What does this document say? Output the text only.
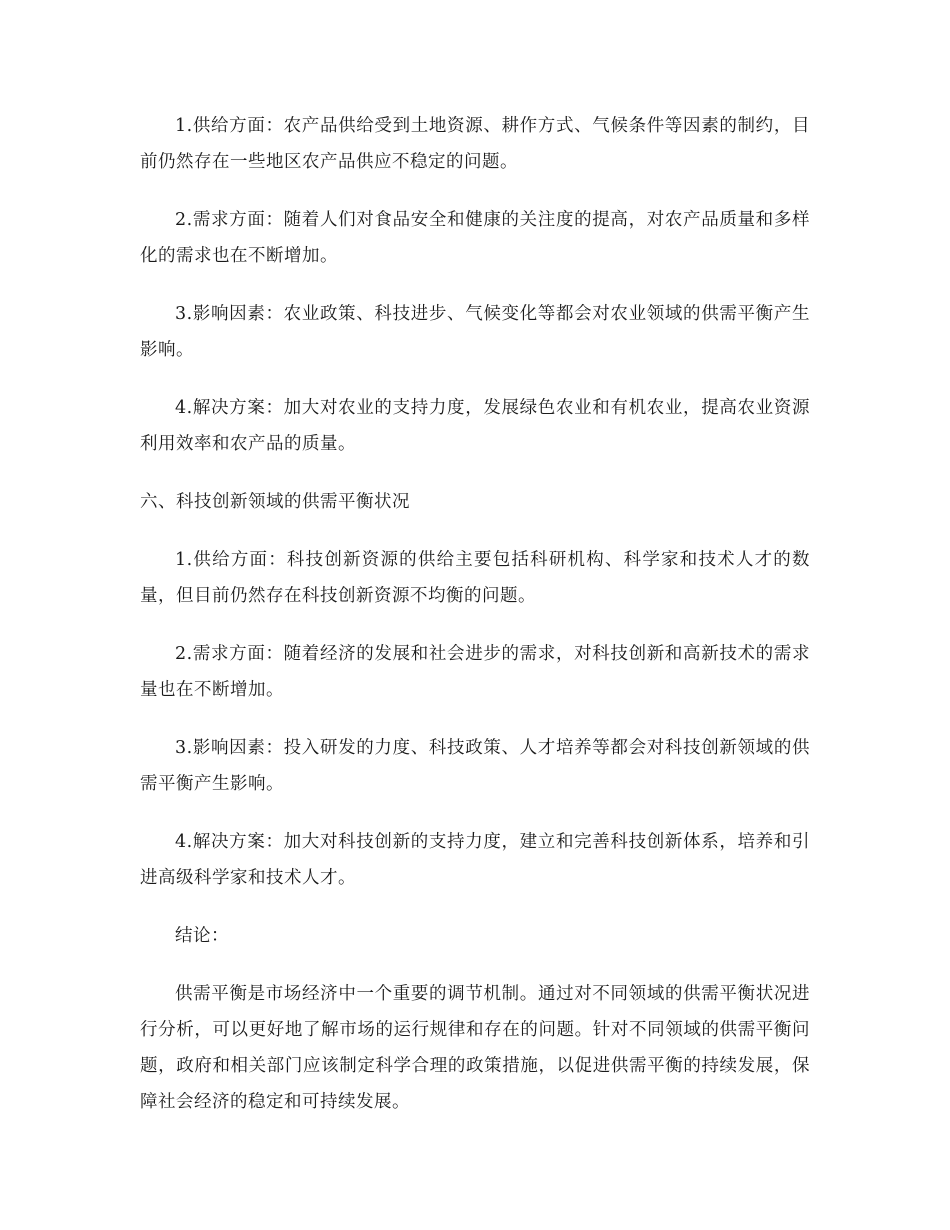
1.供给方面：农产品供给受到土地资源、耕作方式、气候条件等因素的制约，目前仍然存在一些地区农产品供应不稳定的问题。

2.需求方面：随着人们对食品安全和健康的关注度的提高，对农产品质量和多样化的需求也在不断增加。

3.影响因素：农业政策、科技进步、气候变化等都会对农业领域的供需平衡产生影响。

4.解决方案：加大对农业的支持力度，发展绿色农业和有机农业，提高农业资源利用效率和农产品的质量。

六、科技创新领域的供需平衡状况

1.供给方面：科技创新资源的供给主要包括科研机构、科学家和技术人才的数量，但目前仍然存在科技创新资源不均衡的问题。

2.需求方面：随着经济的发展和社会进步的需求，对科技创新和高新技术的需求量也在不断增加。

3.影响因素：投入研发的力度、科技政策、人才培养等都会对科技创新领域的供需平衡产生影响。

4.解决方案：加大对科技创新的支持力度，建立和完善科技创新体系，培养和引进高级科学家和技术人才。

结论：

供需平衡是市场经济中一个重要的调节机制。通过对不同领域的供需平衡状况进行分析，可以更好地了解市场的运行规律和存在的问题。针对不同领域的供需平衡问题，政府和相关部门应该制定科学合理的政策措施，以促进供需平衡的持续发展，保障社会经济的稳定和可持续发展。
